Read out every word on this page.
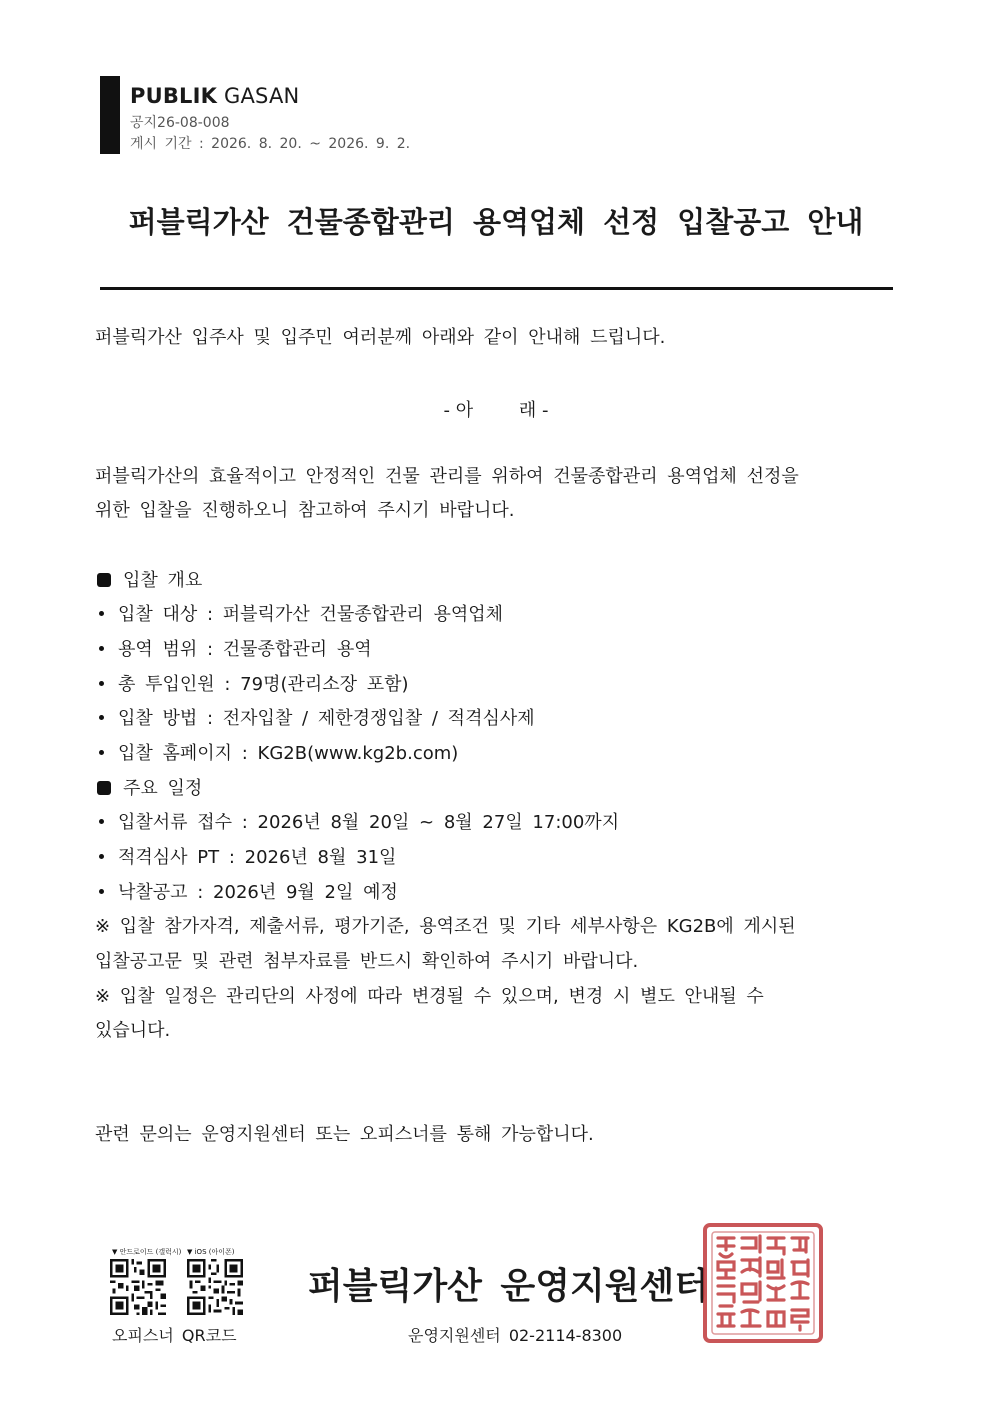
PUBLIK GASAN
공지26-08-008
게시 기간 : 2026. 8. 20. ~ 2026. 9. 2.
퍼블릭가산 건물종합관리 용역업체 선정 입찰공고 안내
퍼블릭가산 입주사 및 입주민 여러분께 아래와 같이 안내해 드립니다.
- 아        래 -
퍼블릭가산의 효율적이고 안정적인 건물 관리를 위하여 건물종합관리 용역업체 선정을
위한 입찰을 진행하오니 참고하여 주시기 바랍니다.
입찰 개요
입찰 대상 : 퍼블릭가산 건물종합관리 용역업체
용역 범위 : 건물종합관리 용역
총 투입인원 : 79명(관리소장 포함)
입찰 방법 : 전자입찰 / 제한경쟁입찰 / 적격심사제
입찰 홈페이지 : KG2B(www.kg2b.com)
주요 일정
입찰서류 접수 : 2026년 8월 20일 ~ 8월 27일 17:00까지
적격심사 PT : 2026년 8월 31일
낙찰공고 : 2026년 9월 2일 예정
※ 입찰 참가자격, 제출서류, 평가기준, 용역조건 및 기타 세부사항은 KG2B에 게시된
입찰공고문 및 관련 첨부자료를 반드시 확인하여 주시기 바랍니다.
※ 입찰 일정은 관리단의 사정에 따라 변경될 수 있으며, 변경 시 별도 안내될 수
있습니다.
관련 문의는 운영지원센터 또는 오피스너를 통해 가능합니다.
▼ 안드로이드 (갤럭시) ▼ iOS (아이폰)
오피스너 QR코드
퍼블릭가산 운영지원센터
운영지원센터 02-2114-8300
